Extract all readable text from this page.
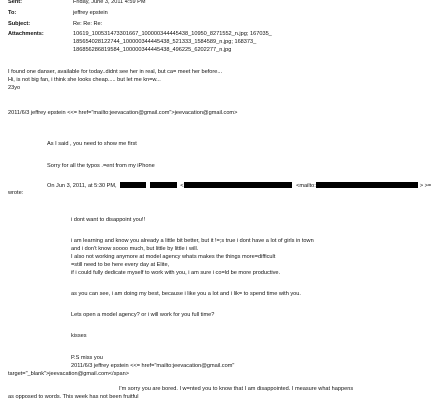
Sent:	Friday, June 3, 2011 4:59 PM
To:	jeffrey epstein
Subject:	Re: Re: Re:
Attachments:	10619_100531473301667_100000344445438_10950_8271552_n.jpg; 167035_
185654028122744_100000344445438_521333_1584589_n.jpg; 168373_
186856286819584_100000344445438_496225_6202277_n.jpg

I found one danser, available for today..didnt see her in real, but ca= meet her before...

Hi, is not big fan, i think she looks cheap..... but let me kn=w...

23yo

2011/6/3 jeffrey epstein <<= href="mailto:jeevacation@gmail.com">jeevacation@gmail.com>

As I said , you need to show me first

Sorry for all the typos .=ent from my iPhone

On Jun 3, 2011, at 5:30 PM,	<	<mailto:	> >=

wrote:

i dont want to disappoint you!!

i am learning and know you already a little bit better, but it !=;s true i dont have a lot of girls in town

and i don't know soooo much, but little by little i will.

I also not working anymore at model agency whats makes the things more=difficult

=still need to be here every day at Elite,

if i could fully dedicate myself to work with you, i am sure i co=ld be more productive.

as you can see, i am doing my best, because i like you a lot and i lik= to spend time with you.

Lets open a model agency? or i will work for you full time?

kisses

P.S miss you

2011/6/3 jeffrey epstein <<= href="mailto:jeevacation@gmail.com"

target="_blank">jeevacation@gmail.com</span>

I'm sorry you are bored. I w=nted you to know that I am disappointed. I measure what happens

as opposed to words. This week has not been fruitful
